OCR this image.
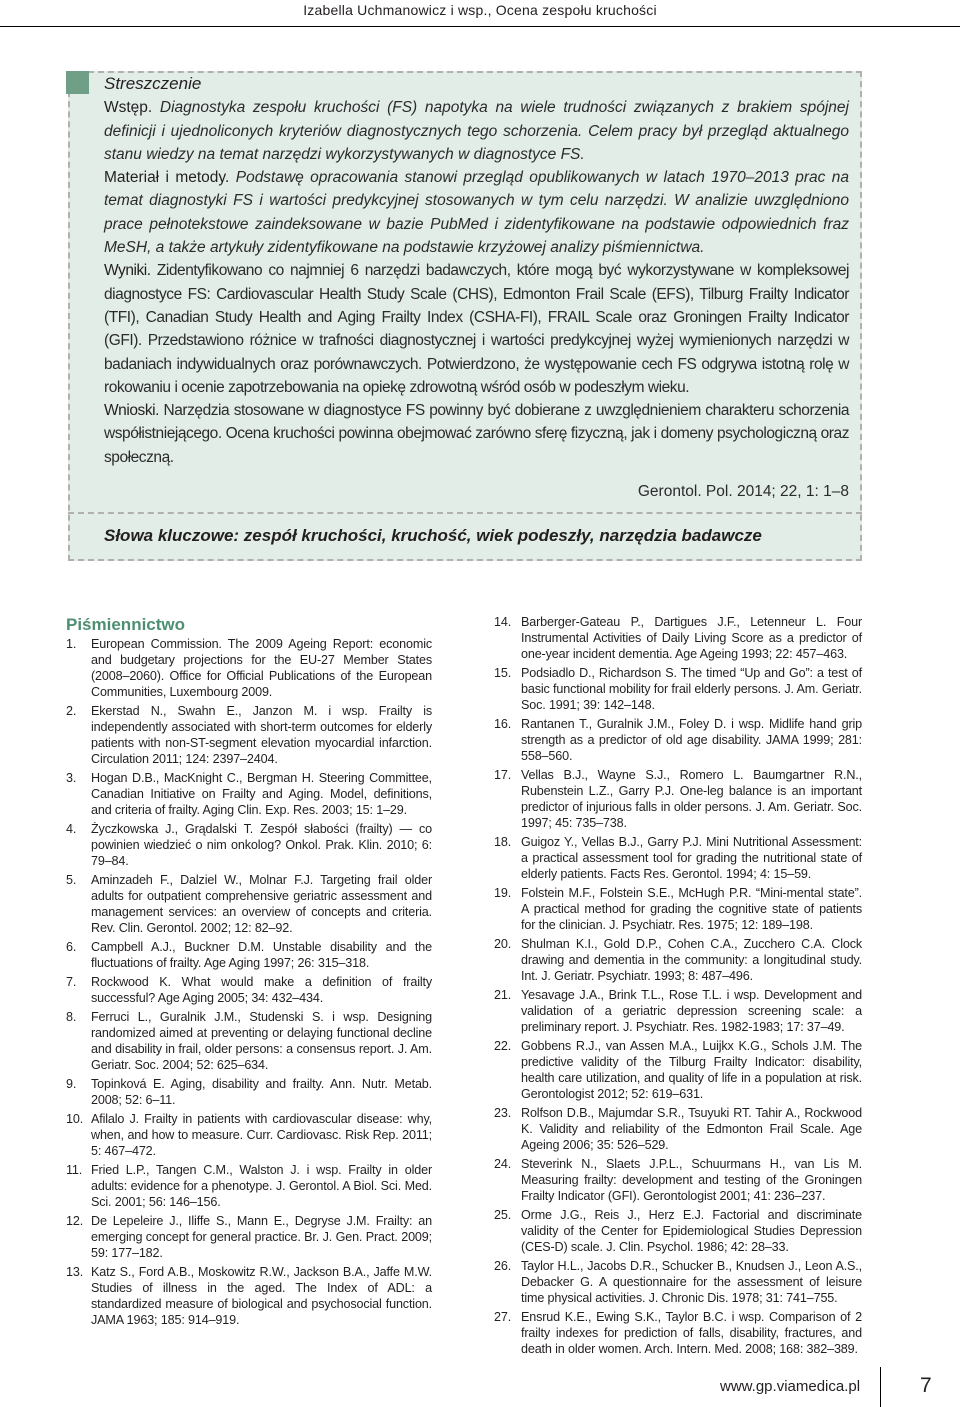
Izabella Uchmanowicz i wsp., Ocena zespołu kruchości
Streszczenie

Wstęp. Diagnostyka zespołu kruchości (FS) napotyka na wiele trudności związanych z brakiem spójnej definicji i ujednoliconych kryteriów diagnostycznych tego schorzenia. Celem pracy był przegląd aktualnego stanu wiedzy na temat narzędzi wykorzystywanych w diagnostyce FS.

Materiał i metody. Podstawę opracowania stanowi przegląd opublikowanych w latach 1970–2013 prac na temat diagnostyki FS i wartości predykcyjnej stosowanych w tym celu narzędzi. W analizie uwzględniono prace pełnotekstowe zaindeksowane w bazie PubMed i zidentyfikowane na podstawie odpowiednich fraz MeSH, a także artykuły zidentyfikowane na podstawie krzyżowej analizy piśmiennictwa.

Wyniki. Zidentyfikowano co najmniej 6 narzędzi badawczych, które mogą być wykorzystywane w kompleksowej diagnostyce FS: Cardiovascular Health Study Scale (CHS), Edmonton Frail Scale (EFS), Tilburg Frailty Indicator (TFI), Canadian Study Health and Aging Frailty Index (CSHA-FI), FRAIL Scale oraz Groningen Frailty Indicator (GFI). Przedstawiono różnice w trafności diagnostycznej i wartości predykcyjnej wyżej wymienionych narzędzi w badaniach indywidualnych oraz porównawczych. Potwierdzono, że występowanie cech FS odgrywa istotną rolę w rokowaniu i ocenie zapotrzebowania na opiekę zdrowotną wśród osób w podeszłym wieku.

Wnioski. Narzędzia stosowane w diagnostyce FS powinny być dobierane z uwzględnieniem charakteru schorzenia współistniejącego. Ocena kruchości powinna obejmować zarówno sferę fizyczną, jak i domeny psychologiczną oraz społeczną.

Gerontol. Pol. 2014; 22, 1: 1–8

Słowa kluczowe: zespół kruchości, kruchość, wiek podeszły, narzędzia badawcze
Piśmiennictwo
1.	European Commission. The 2009 Ageing Report: economic and budgetary projections for the EU-27 Member States (2008–2060). Office for Official Publications of the European Communities, Luxembourg 2009.
2.	Ekerstad N., Swahn E., Janzon M. i wsp. Frailty is independently associated with short-term outcomes for elderly patients with non-ST-segment elevation myocardial infarction. Circulation 2011; 124: 2397–2404.
3.	Hogan D.B., MacKnight C., Bergman H. Steering Committee, Canadian Initiative on Frailty and Aging. Model, definitions, and criteria of frailty. Aging Clin. Exp. Res. 2003; 15: 1–29.
4.	Życzkowska J., Grądalski T. Zespół słabości (frailty) — co powinien wiedzieć o nim onkolog? Onkol. Prak. Klin. 2010; 6: 79–84.
5.	Aminzadeh F., Dalziel W., Molnar F.J. Targeting frail older adults for outpatient comprehensive geriatric assessment and management services: an overview of concepts and criteria. Rev. Clin. Gerontol. 2002; 12: 82–92.
6.	Campbell A.J., Buckner D.M. Unstable disability and the fluctuations of frailty. Age Aging 1997; 26: 315–318.
7.	Rockwood K. What would make a definition of frailty successful? Age Aging 2005; 34: 432–434.
8.	Ferruci L., Guralnik J.M., Studenski S. i wsp. Designing randomized aimed at preventing or delaying functional decline and disability in frail, older persons: a consensus report. J. Am. Geriatr. Soc. 2004; 52: 625–634.
9.	Topinková E. Aging, disability and frailty. Ann. Nutr. Metab. 2008; 52: 6–11.
10. Afilalo J. Frailty in patients with cardiovascular disease: why, when, and how to measure. Curr. Cardiovasc. Risk Rep. 2011; 5: 467–472.
11. Fried L.P., Tangen C.M., Walston J. i wsp. Frailty in older adults: evidence for a phenotype. J. Gerontol. A Biol. Sci. Med. Sci. 2001; 56: 146–156.
12. De Lepeleire J., Iliffe S., Mann E., Degryse J.M. Frailty: an emerging concept for general practice. Br. J. Gen. Pract. 2009; 59: 177–182.
13. Katz S., Ford A.B., Moskowitz R.W., Jackson B.A., Jaffe M.W. Studies of illness in the aged. The Index of ADL: a standardized measure of biological and psychosocial function. JAMA 1963; 185: 914–919.
14. Barberger-Gateau P., Dartigues J.F., Letenneur L. Four Instrumental Activities of Daily Living Score as a predictor of one-year incident dementia. Age Ageing 1993; 22: 457–463.
15. Podsiadlo D., Richardson S. The timed “Up and Go”: a test of basic functional mobility for frail elderly persons. J. Am. Geriatr. Soc. 1991; 39: 142–148.
16. Rantanen T., Guralnik J.M., Foley D. i wsp. Midlife hand grip strength as a predictor of old age disability. JAMA 1999; 281: 558–560.
17. Vellas B.J., Wayne S.J., Romero L. Baumgartner R.N., Rubenstein L.Z., Garry P.J. One-leg balance is an important predictor of injurious falls in older persons. J. Am. Geriatr. Soc. 1997; 45: 735–738.
18. Guigoz Y., Vellas B.J., Garry P.J. Mini Nutritional Assessment: a practical assessment tool for grading the nutritional state of elderly patients. Facts Res. Gerontol. 1994; 4: 15–59.
19. Folstein M.F., Folstein S.E., McHugh P.R. “Mini-mental state”. A practical method for grading the cognitive state of patients for the clinician. J. Psychiatr. Res. 1975; 12: 189–198.
20. Shulman K.I., Gold D.P., Cohen C.A., Zucchero C.A. Clock drawing and dementia in the community: a longitudinal study. Int. J. Geriatr. Psychiatr. 1993; 8: 487–496.
21. Yesavage J.A., Brink T.L., Rose T.L. i wsp. Development and validation of a geriatric depression screening scale: a preliminary report. J. Psychiatr. Res. 1982-1983; 17: 37–49.
22. Gobbens R.J., van Assen M.A., Luijkx K.G., Schols J.M. The predictive validity of the Tilburg Frailty Indicator: disability, health care utilization, and quality of life in a population at risk. Gerontologist 2012; 52: 619–631.
23. Rolfson D.B., Majumdar S.R., Tsuyuki RT. Tahir A., Rockwood K. Validity and reliability of the Edmonton Frail Scale. Age Ageing 2006; 35: 526–529.
24. Steverink N., Slaets J.P.L., Schuurmans H., van Lis M. Measuring frailty: development and testing of the Groningen Frailty Indicator (GFI). Gerontologist 2001; 41: 236–237.
25. Orme J.G., Reis J., Herz E.J. Factorial and discriminate validity of the Center for Epidemiological Studies Depression (CES-D) scale. J. Clin. Psychol. 1986; 42: 28–33.
26. Taylor H.L., Jacobs D.R., Schucker B., Knudsen J., Leon A.S., Debacker G. A questionnaire for the assessment of leisure time physical activities. J. Chronic Dis. 1978; 31: 741–755.
27. Ensrud K.E., Ewing S.K., Taylor B.C. i wsp. Comparison of 2 frailty indexes for prediction of falls, disability, fractures, and death in older women. Arch. Intern. Med. 2008; 168: 382–389.
www.gp.viamedica.pl	7
